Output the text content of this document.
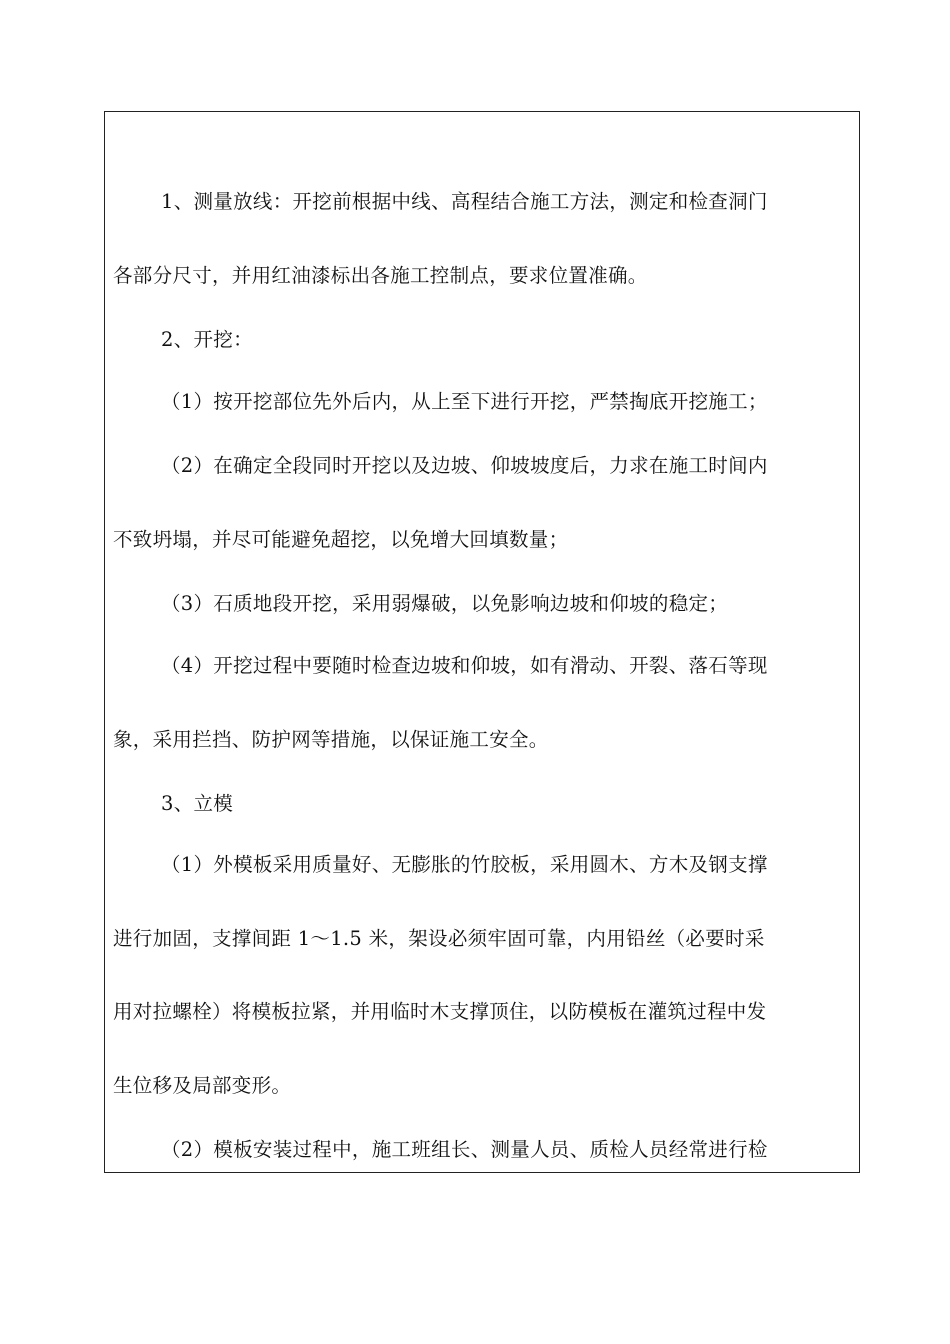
1、测量放线：开挖前根据中线、高程结合施工方法，测定和检查洞门
各部分尺寸，并用红油漆标出各施工控制点，要求位置准确。
2、开挖：
（1）按开挖部位先外后内，从上至下进行开挖，严禁掏底开挖施工；
（2）在确定全段同时开挖以及边坡、仰坡坡度后，力求在施工时间内
不致坍塌，并尽可能避免超挖，以免增大回填数量；
（3）石质地段开挖，采用弱爆破，以免影响边坡和仰坡的稳定；
（4）开挖过程中要随时检查边坡和仰坡，如有滑动、开裂、落石等现
象，采用拦挡、防护网等措施，以保证施工安全。
3、立模
（1）外模板采用质量好、无膨胀的竹胶板，采用圆木、方木及钢支撑
进行加固，支撑间距 1～1.5 米，架设必须牢固可靠，内用铅丝（必要时采
用对拉螺栓）将模板拉紧，并用临时木支撑顶住，以防模板在灌筑过程中发
生位移及局部变形。
（2）模板安装过程中，施工班组长、测量人员、质检人员经常进行检
